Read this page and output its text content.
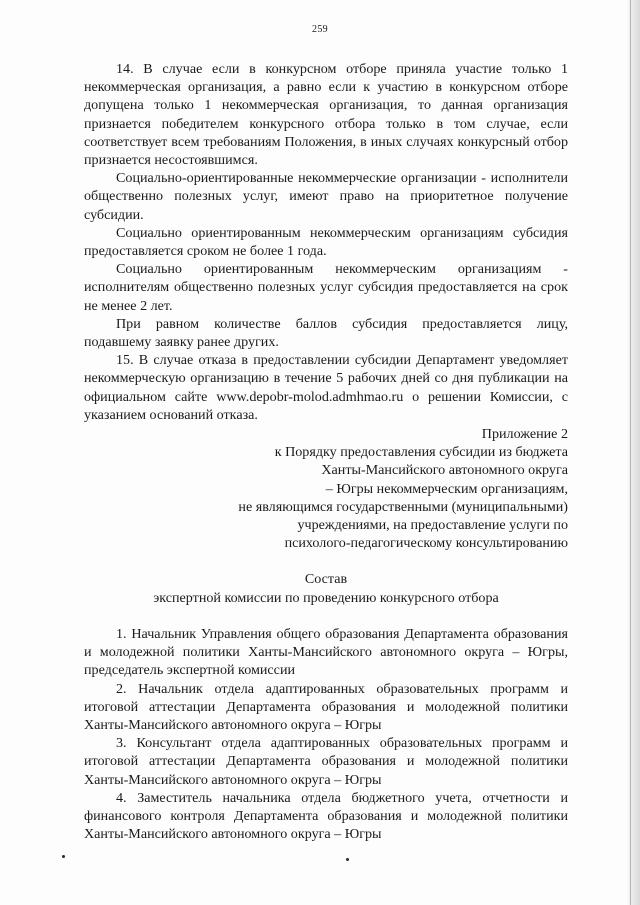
259

14. В случае если в конкурсном отборе приняла участие только 1 некоммерческая организация, а равно если к участию в конкурсном отборе допущена только 1 некоммерческая организация, то данная организация признается победителем конкурсного отбора только в том случае, если соответствует всем требованиям Положения, в иных случаях конкурсный отбор признается несостоявшимся.

Социально-ориентированные некоммерческие организации - исполнители общественно полезных услуг, имеют право на приоритетное получение субсидии.

Социально ориентированным некоммерческим организациям субсидия предоставляется сроком не более 1 года.

Социально ориентированным некоммерческим организациям - исполнителям общественно полезных услуг субсидия предоставляется на срок не менее 2 лет.

При равном количестве баллов субсидия предоставляется лицу, подавшему заявку ранее других.

15. В случае отказа в предоставлении субсидии Департамент уведомляет некоммерческую организацию в течение 5 рабочих дней со дня публикации на официальном сайте www.depobr-molod.admhmao.ru о решении Комиссии, с указанием оснований отказа.

Приложение 2
к Порядку предоставления субсидии из бюджета
Ханты-Мансийского автономного округа
– Югры некоммерческим организациям,
не являющимся государственными (муниципальными)
учреждениями, на предоставление услуги по
психолого-педагогическому консультированию
Состав
экспертной комиссии по проведению конкурсного отбора

1. Начальник Управления общего образования Департамента образования и молодежной политики Ханты-Мансийского автономного округа – Югры, председатель экспертной комиссии

2. Начальник отдела адаптированных образовательных программ и итоговой аттестации Департамента образования и молодежной политики Ханты-Мансийского автономного округа – Югры

3. Консультант отдела адаптированных образовательных программ и итоговой аттестации Департамента образования и молодежной политики Ханты-Мансийского автономного округа – Югры

4. Заместитель начальника отдела бюджетного учета, отчетности и финансового контроля Департамента образования и молодежной политики Ханты-Мансийского автономного округа – Югры
